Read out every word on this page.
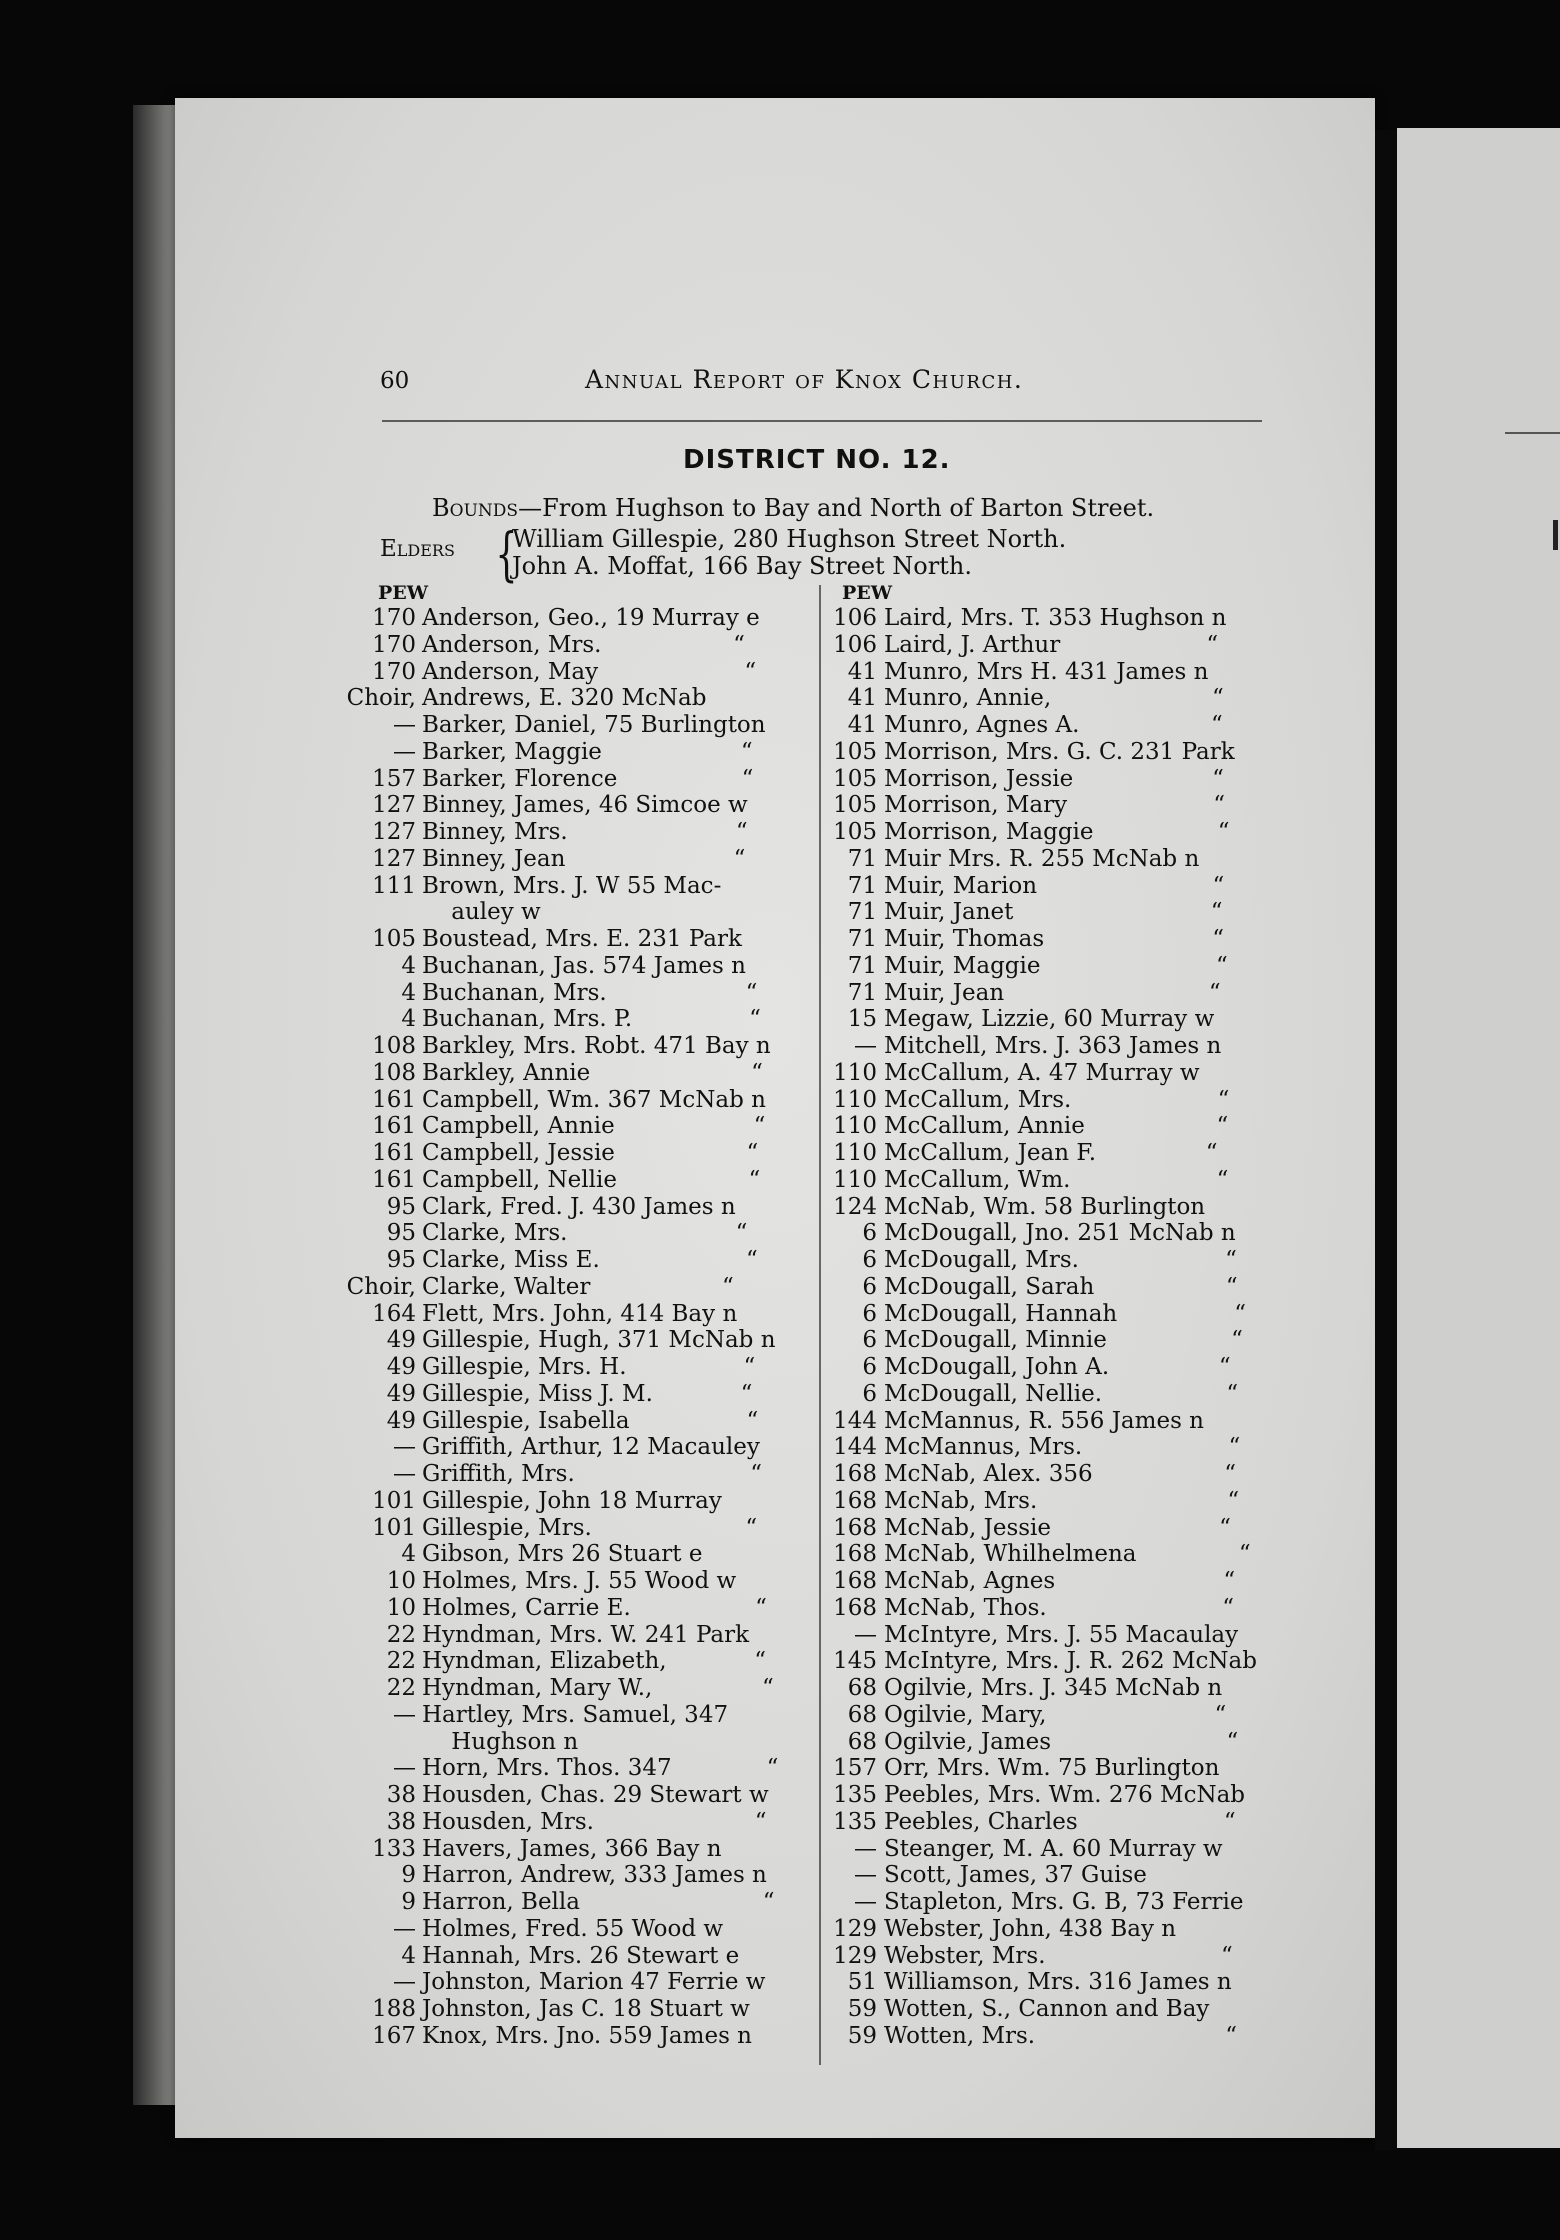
60	Annual Report of Knox Church.
DISTRICT NO. 12.
Bounds—From Hughson to Bay and North of Barton Street.
Elders {
William Gillespie, 280 Hughson Street North.
John A. Moffat, 166 Bay Street North.
PEW	PEW
170 Anderson, Geo., 19 Murray e
170 Anderson, Mrs.                  “
170 Anderson, May                    “
Choir, Andrews, E. 320 McNab
— Barker, Daniel, 75 Burlington
— Barker, Maggie                   “
157 Barker, Florence                 “
127 Binney, James, 46 Simcoe w
127 Binney, Mrs.                       “
127 Binney, Jean                       “
111 Brown, Mrs. J. W 55 Mac-
auley w
105 Boustead, Mrs. E. 231 Park
4 Buchanan, Jas. 574 James n
4 Buchanan, Mrs.                   “
4 Buchanan, Mrs. P.                “
108 Barkley, Mrs. Robt. 471 Bay n
108 Barkley, Annie                      “
161 Campbell, Wm. 367 McNab n
161 Campbell, Annie                   “
161 Campbell, Jessie                  “
161 Campbell, Nellie                  “
95 Clark, Fred. J. 430 James n
95 Clarke, Mrs.                       “
95 Clarke, Miss E.                    “
Choir, Clarke, Walter                  “
164 Flett, Mrs. John, 414 Bay n
49 Gillespie, Hugh, 371 McNab n
49 Gillespie, Mrs. H.                “
49 Gillespie, Miss J. M.            “
49 Gillespie, Isabella                “
— Griffith, Arthur, 12 Macauley
— Griffith, Mrs.                        “
101 Gillespie, John 18 Murray
101 Gillespie, Mrs.                     “
4 Gibson, Mrs 26 Stuart e
10 Holmes, Mrs. J. 55 Wood w
10 Holmes, Carrie E.                 “
22 Hyndman, Mrs. W. 241 Park
22 Hyndman, Elizabeth,            “
22 Hyndman, Mary W.,               “
— Hartley, Mrs. Samuel, 347
Hughson n
— Horn, Mrs. Thos. 347             “
38 Housden, Chas. 29 Stewart w
38 Housden, Mrs.                      “
133 Havers, James, 366 Bay n
9 Harron, Andrew, 333 James n
9 Harron, Bella                         “
— Holmes, Fred. 55 Wood w
4 Hannah, Mrs. 26 Stewart e
— Johnston, Marion 47 Ferrie w
188 Johnston, Jas C. 18 Stuart w
167 Knox, Mrs. Jno. 559 James n
106 Laird, Mrs. T. 353 Hughson n
106 Laird, J. Arthur                    “
41 Munro, Mrs H. 431 James n
41 Munro, Annie,                      “
41 Munro, Agnes A.                  “
105 Morrison, Mrs. G. C. 231 Park
105 Morrison, Jessie                   “
105 Morrison, Mary                    “
105 Morrison, Maggie                 “
71 Muir Mrs. R. 255 McNab n
71 Muir, Marion                        “
71 Muir, Janet                           “
71 Muir, Thomas                       “
71 Muir, Maggie                        “
71 Muir, Jean                            “
15 Megaw, Lizzie, 60 Murray w
— Mitchell, Mrs. J. 363 James n
110 McCallum, A. 47 Murray w
110 McCallum, Mrs.                    “
110 McCallum, Annie                  “
110 McCallum, Jean F.               “
110 McCallum, Wm.                    “
124 McNab, Wm. 58 Burlington
6 McDougall, Jno. 251 McNab n
6 McDougall, Mrs.                    “
6 McDougall, Sarah                  “
6 McDougall, Hannah                “
6 McDougall, Minnie                 “
6 McDougall, John A.               “
6 McDougall, Nellie.                 “
144 McMannus, R. 556 James n
144 McMannus, Mrs.                    “
168 McNab, Alex. 356                  “
168 McNab, Mrs.                          “
168 McNab, Jessie                       “
168 McNab, Whilhelmena              “
168 McNab, Agnes                       “
168 McNab, Thos.                        “
— McIntyre, Mrs. J. 55 Macaulay
145 McIntyre, Mrs. J. R. 262 McNab
68 Ogilvie, Mrs. J. 345 McNab n
68 Ogilvie, Mary,                       “
68 Ogilvie, James                        “
157 Orr, Mrs. Wm. 75 Burlington
135 Peebles, Mrs. Wm. 276 McNab
135 Peebles, Charles                    “
— Steanger, M. A. 60 Murray w
— Scott, James, 37 Guise
— Stapleton, Mrs. G. B, 73 Ferrie
129 Webster, John, 438 Bay n
129 Webster, Mrs.                        “
51 Williamson, Mrs. 316 James n
59 Wotten, S., Cannon and Bay
59 Wotten, Mrs.                          “
